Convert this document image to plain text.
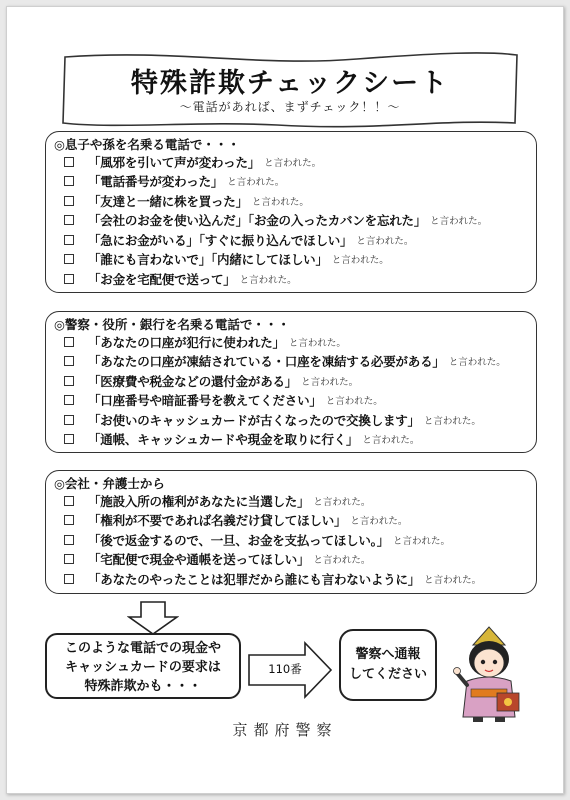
特殊詐欺チェックシート
～電話があれば、まずチェック！！～
◎息子や孫を名乗る電話で・・・
「風邪を引いて声が変わった」 と言われた。
「電話番号が変わった」 と言われた。
「友達と一緒に株を買った」 と言われた。
「会社のお金を使い込んだ」「お金の入ったカバンを忘れた」 と言われた。
「急にお金がいる」「すぐに振り込んでほしい」 と言われた。
「誰にも言わないで」「内緒にしてほしい」 と言われた。
「お金を宅配便で送って」 と言われた。
◎警察・役所・銀行を名乗る電話で・・・
「あなたの口座が犯行に使われた」 と言われた。
「あなたの口座が凍結されている・口座を凍結する必要がある」 と言われた。
「医療費や税金などの還付金がある」 と言われた。
「口座番号や暗証番号を教えてください」 と言われた。
「お使いのキャッシュカードが古くなったので交換します」 と言われた。
「通帳、キャッシュカードや現金を取りに行く」 と言われた。
◎会社・弁護士から
「施設入所の権利があなたに当選した」 と言われた。
「権利が不要であれば名義だけ貸してほしい」 と言われた。
「後で返金するので、一旦、お金を支払ってほしい。」 と言われた。
「宅配便で現金や通帳を送ってほしい」 と言われた。
「あなたのやったことは犯罪だから誰にも言わないように」 と言われた。
このような電話での現金や
キャッシュカードの要求は
特殊詐欺かも・・・
110番
警察へ通報
してください
京都府警察
